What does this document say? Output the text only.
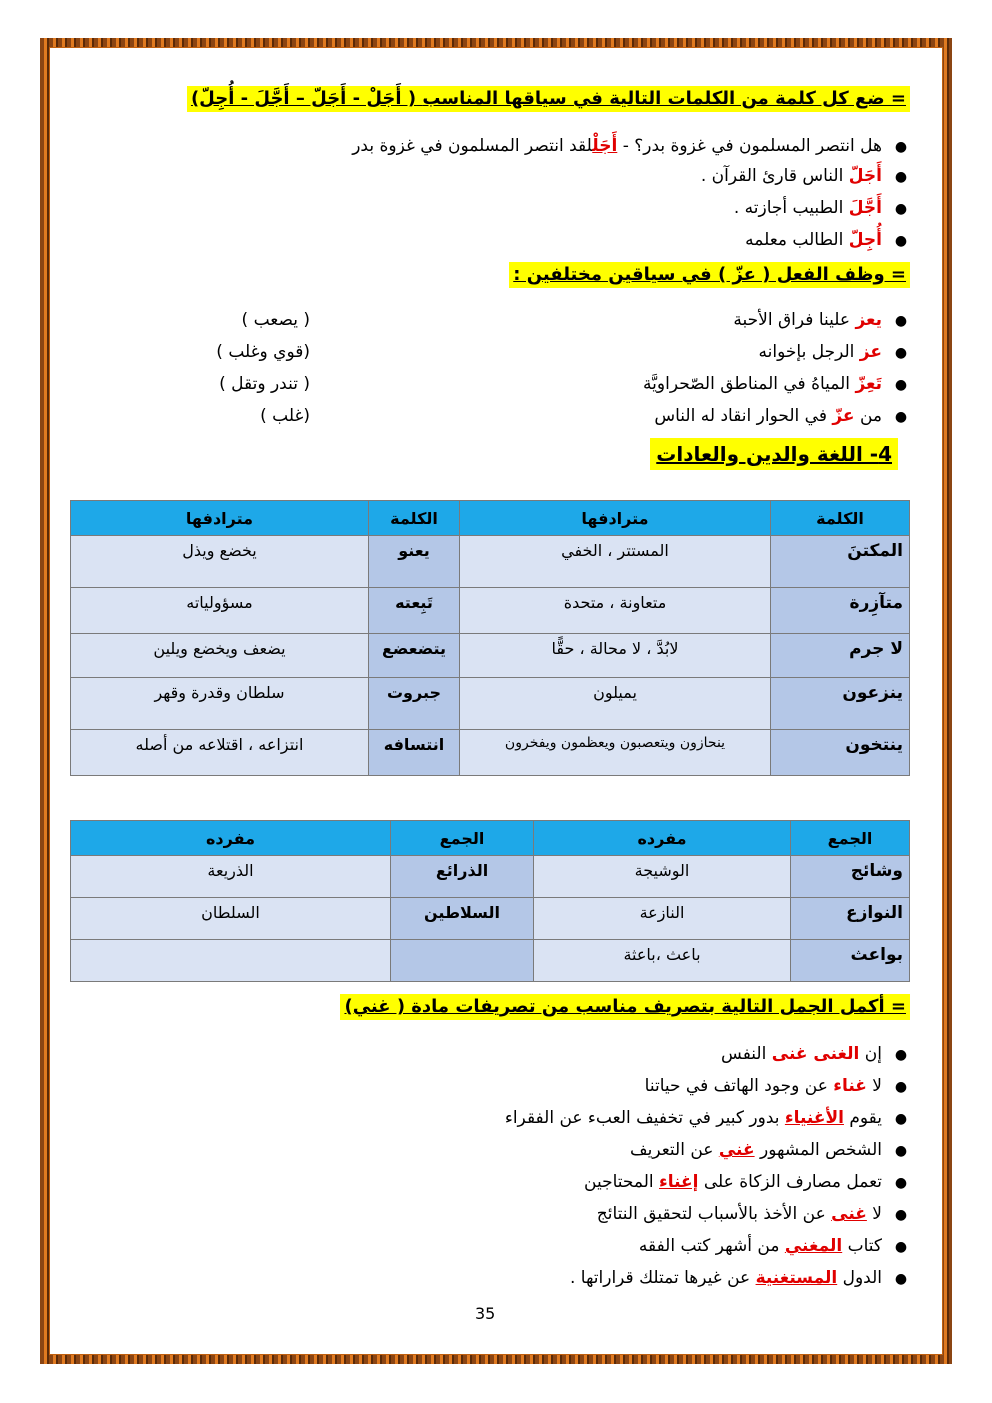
= ضع كل كلمة من الكلمات التالية في سياقها المناسب ( أَجَلْ - أَجَلّ – أَجَّلَ - أُجِلّ)
●هل انتصر المسلمون في غزوة بدر؟ - أَجَلْلقد انتصر المسلمون في غزوة بدر
●أَجَلّ الناس قارئ القرآن .
●أَجَّلَ الطبيب أجازته .
●أُجِلّ الطالب معلمه
= وظف الفعل ( عزّ ) في سياقين مختلفين :
●يعز علينا فراق الأحبة
( يصعب )
●عز الرجل بإخوانه
(قوي وغلب )
●تَعِزّ المياهُ في المناطق الصّحراويَّة
( تندر وتقل )
●من عزّ في الحوار انقاد له الناس
(غلب )
4- اللغة والدين والعادات
الكلمة	مترادفها	الكلمة	مترادفها
المكتنَ	المستتر ، الخفي	يعنو	يخضع ويذل
متآزِرة	متعاونة ، متحدة	تَبِعته	مسؤولياته
لا جرم	لابُدَّ ، لا محالة ، حقًّا	يتضعضع	يضعف ويخضع ويلين
ينزعون	يميلون	جبروت	سلطان وقدرة وقهر
ينتخون	ينحازون ويتعصبون ويعظمون ويفخرون	انتسافه	انتزاعه ، اقتلاعه من أصله
الجمع	مفرده	الجمع	مفرده
وشائج	الوشيجة	الذرائع	الذريعة
النوازع	النازعة	السلاطين	السلطان
بواعث	باعث ،باعثة		
= أكمل الجمل التالية بتصريف مناسب من تصريفات مادة ( غني)
●إن الغنى غنى النفس
●لا غناء عن وجود الهاتف في حياتنا
●يقوم الأغنياء بدور كبير في تخفيف العبء عن الفقراء
●الشخص المشهور غني عن التعريف
●تعمل مصارف الزكاة على إغناء المحتاجين
●لا غنى عن الأخذ بالأسباب لتحقيق النتائج
●كتاب المغني من أشهر كتب الفقه
●الدول المستغنية عن غيرها تمتلك قراراتها .
35
